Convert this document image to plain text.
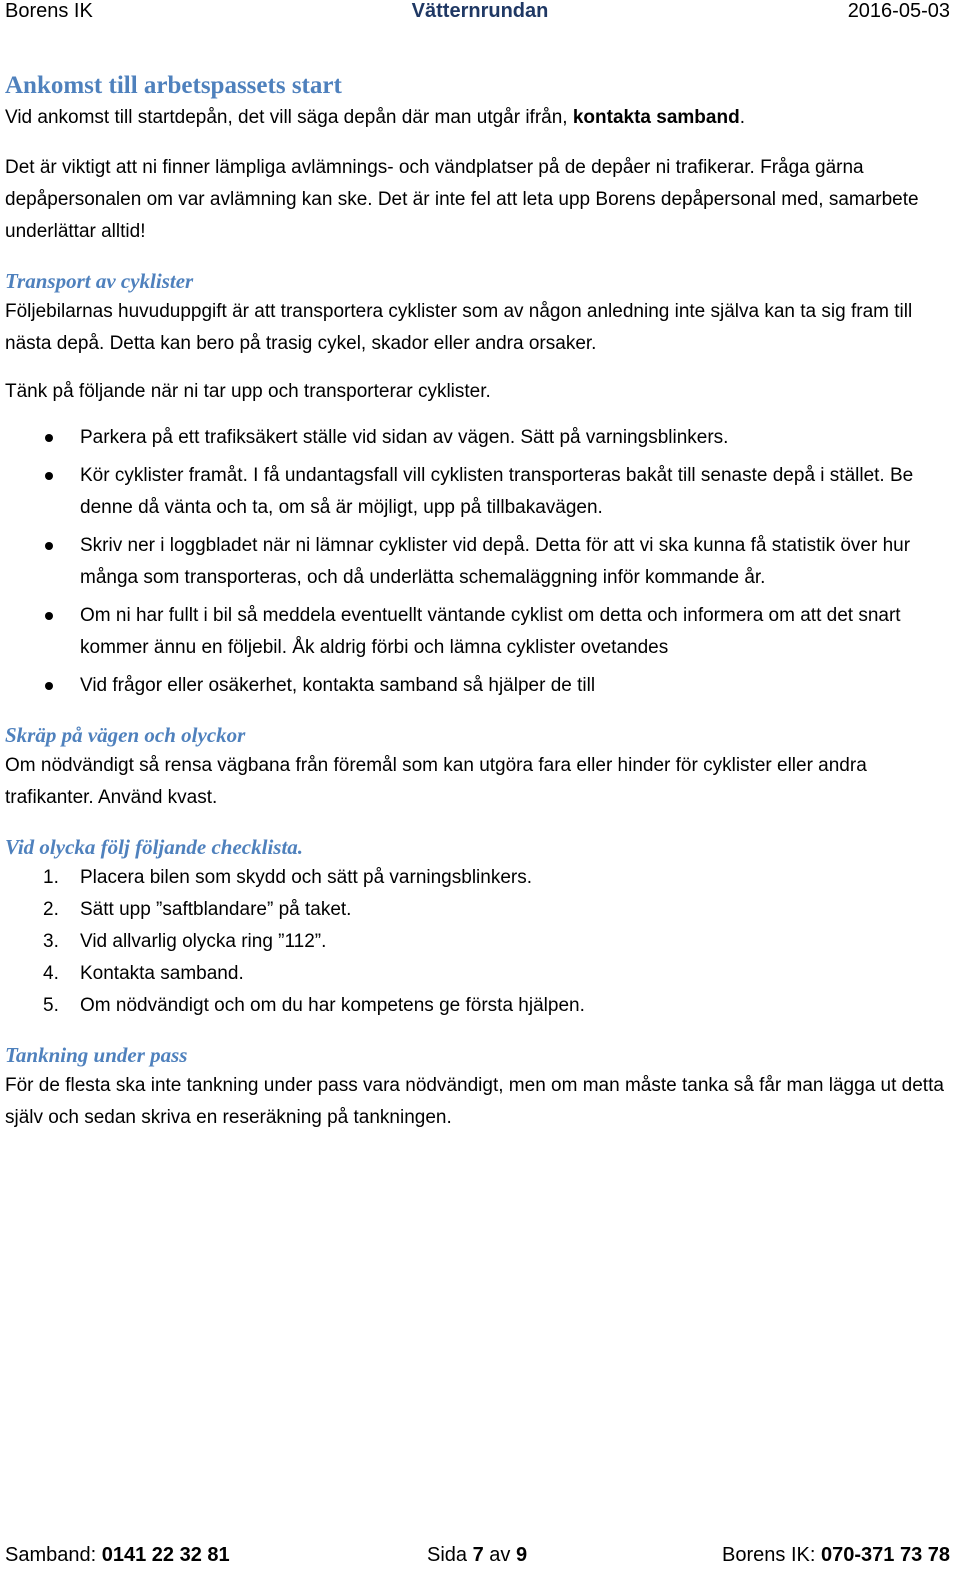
Borens IK	Vätternrundan	2016-05-03
Ankomst till arbetspassets start

Vid ankomst till startdepån, det vill säga depån där man utgår ifrån, kontakta samband.

Det är viktigt att ni finner lämpliga avlämnings- och vändplatser på de depåer ni trafikerar. Fråga gärna depåpersonalen om var avlämning kan ske. Det är inte fel att leta upp Borens depåpersonal med, samarbete underlättar alltid!

Transport av cyklister

Följebilarnas huvuduppgift är att transportera cyklister som av någon anledning inte själva kan ta sig fram till nästa depå. Detta kan bero på trasig cykel, skador eller andra orsaker.

Tänk på följande när ni tar upp och transporterar cyklister.

Parkera på ett trafiksäkert ställe vid sidan av vägen. Sätt på varningsblinkers.
Kör cyklister framåt. I få undantagsfall vill cyklisten transporteras bakåt till senaste depå i stället. Be denne då vänta och ta, om så är möjligt, upp på tillbakavägen.
Skriv ner i loggbladet när ni lämnar cyklister vid depå. Detta för att vi ska kunna få statistik över hur många som transporteras, och då underlätta schemaläggning inför kommande år.
Om ni har fullt i bil så meddela eventuellt väntande cyklist om detta och informera om att det snart kommer ännu en följebil. Åk aldrig förbi och lämna cyklister ovetandes
Vid frågor eller osäkerhet, kontakta samband så hjälper de till
Skräp på vägen och olyckor

Om nödvändigt så rensa vägbana från föremål som kan utgöra fara eller hinder för cyklister eller andra trafikanter. Använd kvast.

Vid olycka följ följande checklista.
1. Placera bilen som skydd och sätt på varningsblinkers.
2. Sätt upp ”saftblandare” på taket.
3. Vid allvarlig olycka ring ”112”.
4. Kontakta samband.
5. Om nödvändigt och om du har kompetens ge första hjälpen.
Tankning under pass

För de flesta ska inte tankning under pass vara nödvändigt, men om man måste tanka så får man lägga ut detta själv och sedan skriva en reseräkning på tankningen.

Samband: 0141 22 32 81	Sida 7 av 9	Borens IK: 070-371 73 78
